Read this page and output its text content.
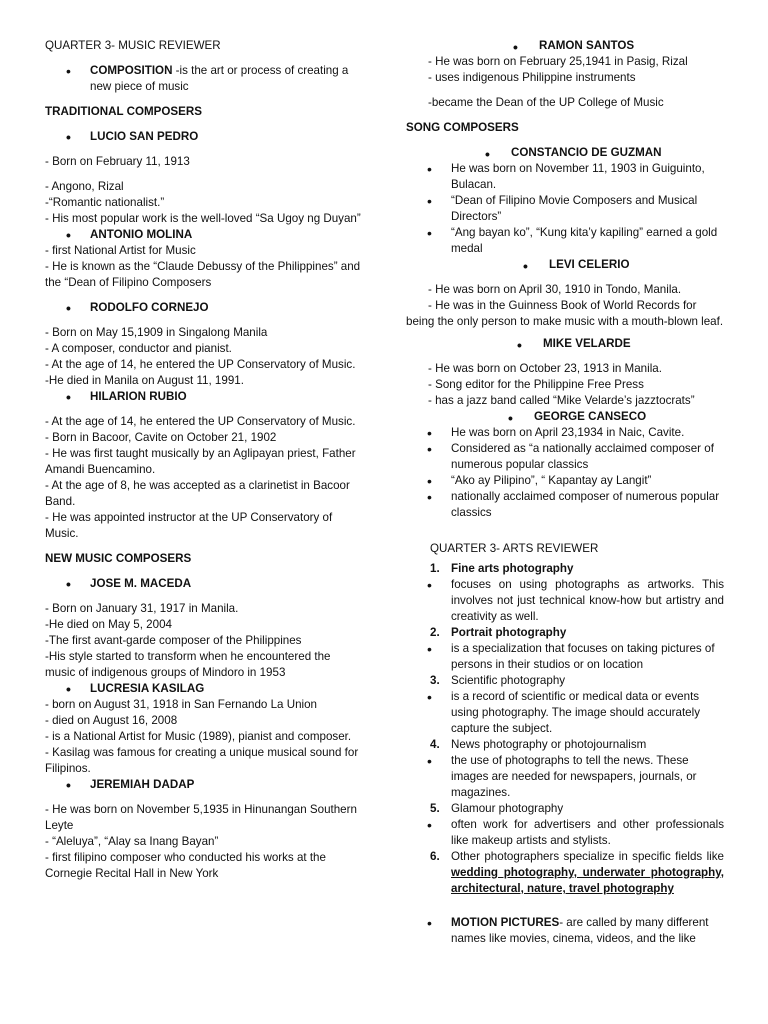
QUARTER 3- MUSIC REVIEWER

• COMPOSITION -is the art or process of creating a new piece of music

TRADITIONAL COMPOSERS

• LUCIO SAN PEDRO

- Born on February 11, 1913

- Angono, Rizal

-“Romantic nationalist.”

- His most popular work is the well-loved “Sa Ugoy ng Duyan”

• ANTONIO MOLINA

- first National Artist for Music

- He is known as the “Claude Debussy of the Philippines” and the “Dean of Filipino Composers

• RODOLFO CORNEJO

- Born on May 15,1909 in Singalong Manila

- A composer, conductor and pianist.

- At the age of 14, he entered the UP Conservatory of Music.

-He died in Manila on August 11, 1991.

• HILARION RUBIO

- At the age of 14, he entered the UP Conservatory of Music.

- Born in Bacoor, Cavite on October 21, 1902

- He was first taught musically by an Aglipayan priest, Father Amandi Buencamino.

- At the age of 8, he was accepted as a clarinetist in Bacoor Band.

- He was appointed instructor at the UP Conservatory of Music.

NEW MUSIC COMPOSERS

• JOSE M. MACEDA

- Born on January 31, 1917 in Manila.

-He died on May 5, 2004

-The first avant-garde composer of the Philippines

-His style started to transform when he encountered the music of indigenous groups of Mindoro in 1953

• LUCRESIA KASILAG

- born on August 31, 1918 in San Fernando La Union

- died on August 16, 2008

- is a National Artist for Music (1989), pianist and composer.

- Kasilag was famous for creating a unique musical sound for Filipinos.

• JEREMIAH DADAP

- He was born on November 5,1935 in Hinunangan Southern Leyte

- “Aleluya”, “Alay sa Inang Bayan”

- first filipino composer who conducted his works at the Cornegie Recital Hall in New York

• RAMON SANTOS

- He was born on February 25,1941 in Pasig, Rizal

- uses indigenous Philippine instruments

-became the Dean of the UP College of Music

SONG COMPOSERS

• CONSTANCIO DE GUZMAN

• He was born on November 11, 1903 in Guiguinto, Bulacan.

• “Dean of Filipino Movie Composers and Musical Directors”

• “Ang bayan ko”, “Kung kita’y kapiling” earned a gold medal

• LEVI CELERIO

- He was born on April 30, 1910 in Tondo, Manila.

- He was in the Guinness Book of World Records for being the only person to make music with a mouth-blown leaf.

• MIKE VELARDE

- He was born on October 23, 1913 in Manila.

- Song editor for the Philippine Free Press

- has a jazz band called “Mike Velarde’s jazztocrats”

• GEORGE CANSECO

• He was born on April 23,1934 in Naic, Cavite.

• Considered as “a nationally acclaimed composer of numerous popular classics

• “Ako ay Pilipino”, “ Kapantay ay Langit”

• nationally acclaimed composer of numerous popular classics

QUARTER 3- ARTS REVIEWER

1. Fine arts photography

• focuses on using photographs as artworks. This involves not just technical know-how but artistry and creativity as well.

2. Portrait photography

• is a specialization that focuses on taking pictures of persons in their studios or on location

3. Scientific photography

• is a record of scientific or medical data or events using photography. The image should accurately capture the subject.

4. News photography or photojournalism

• the use of photographs to tell the news. These images are needed for newspapers, journals, or magazines.

5. Glamour photography

• often work for advertisers and other professionals like makeup artists and stylists.

6. Other photographers specialize in specific fields like wedding photography, underwater photography, architectural, nature, travel photography

• MOTION PICTURES- are called by many different names like movies, cinema, videos, and the like
